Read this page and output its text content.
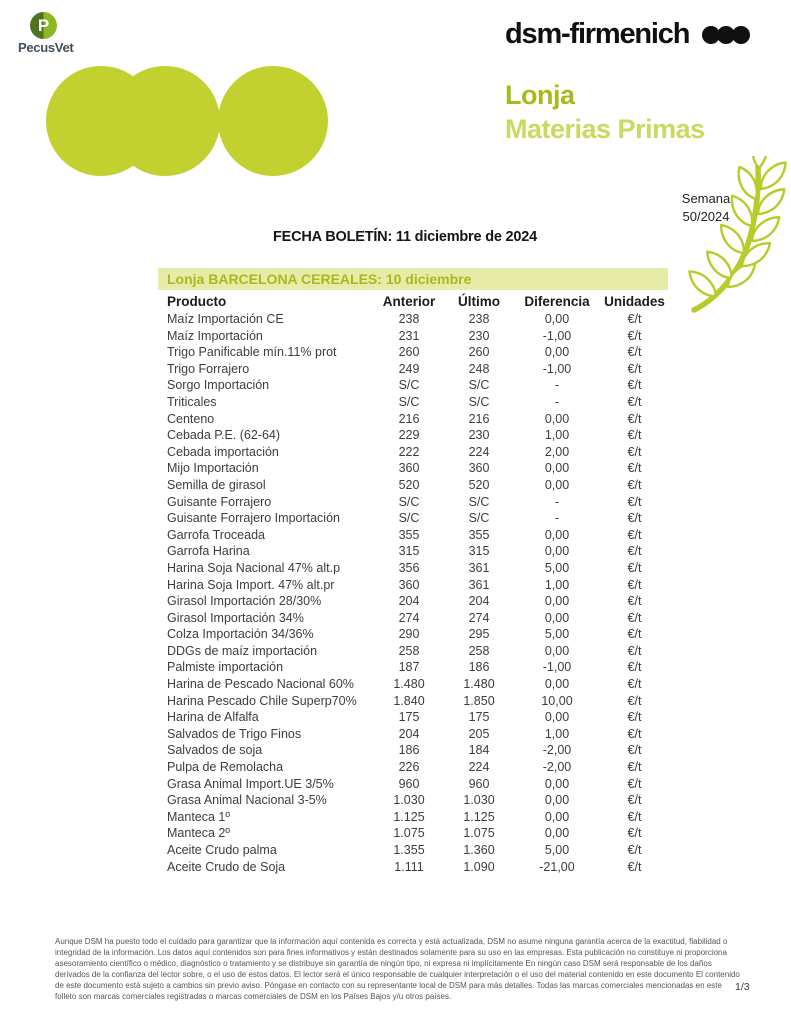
P
PecusVet	dsm-firmenich
Lonja
Materias Primas
Semana
50/2024
FECHA BOLETÍN: 11 diciembre de 2024
Lonja BARCELONA CEREALES: 10 diciembre
Producto	Anterior	Último	Diferencia	Unidades
Maíz Importación CE	238	238	0,00	€/t
Maíz Importación	231	230	-1,00	€/t
Trigo Panificable mín.11% prot	260	260	0,00	€/t
Trigo Forrajero	249	248	-1,00	€/t
Sorgo Importación	S/C	S/C	-	€/t
Triticales	S/C	S/C	-	€/t
Centeno	216	216	0,00	€/t
Cebada P.E. (62-64)	229	230	1,00	€/t
Cebada importación	222	224	2,00	€/t
Mijo Importación	360	360	0,00	€/t
Semilla de girasol	520	520	0,00	€/t
Guisante Forrajero	S/C	S/C	-	€/t
Guisante Forrajero Importación	S/C	S/C	-	€/t
Garrofa Troceada	355	355	0,00	€/t
Garrofa Harina	315	315	0,00	€/t
Harina Soja Nacional 47% alt.p	356	361	5,00	€/t
Harina Soja Import. 47% alt.pr	360	361	1,00	€/t
Girasol Importación 28/30%	204	204	0,00	€/t
Girasol Importación 34%	274	274	0,00	€/t
Colza Importación 34/36%	290	295	5,00	€/t
DDGs de maíz importación	258	258	0,00	€/t
Palmiste importación	187	186	-1,00	€/t
Harina de Pescado Nacional 60%	1.480	1.480	0,00	€/t
Harina Pescado Chile Superp70%	1.840	1.850	10,00	€/t
Harina de Alfalfa	175	175	0,00	€/t
Salvados de Trigo Finos	204	205	1,00	€/t
Salvados de soja	186	184	-2,00	€/t
Pulpa de Remolacha	226	224	-2,00	€/t
Grasa Animal Import.UE 3/5%	960	960	0,00	€/t
Grasa Animal Nacional 3-5%	1.030	1.030	0,00	€/t
Manteca 1º	1.125	1.125	0,00	€/t
Manteca 2º	1.075	1.075	0,00	€/t
Aceite Crudo palma	1.355	1.360	5,00	€/t
Aceite Crudo de Soja	1.111	1.090	-21,00	€/t

Aunque DSM ha puesto todo el cuidado para garantizar que la información aquí contenida es correcta y está actualizada, DSM no asume ninguna garantía acerca de la exactitud, fiabilidad o integridad de la información. Los datos aquí contenidos son para fines informativos y están destinados solamente para su uso en las empresas. Esta publicación no constituye ni proporciona asesoramiento científico o médico, diagnóstico o tratamiento y se distribuye sin garantía de ningún tipo, ni expresa ni implícitamente En ningún caso DSM será responsable de los daños derivados de la confianza del lector sobre, o el uso de estos datos. El lector será el único responsable de cualquier interpretación o el uso del material contenido en este documento El contenido de este documento está sujeto a cambios sin previo aviso. Póngase en contacto con su representante local de DSM para más detalles. Todas las marcas comerciales mencionadas en este folleto son marcas comerciales registradas o marcas comerciales de DSM en los Países Bajos y/u otros países.

1/3
